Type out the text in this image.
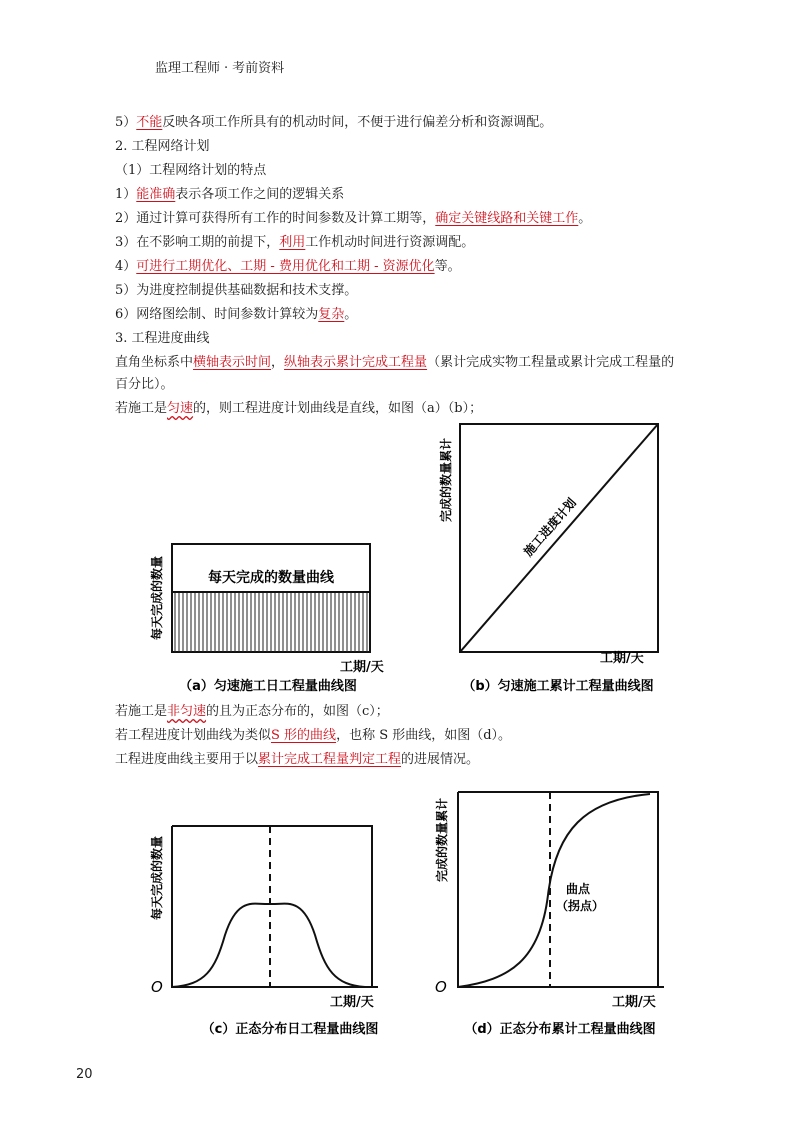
监理工程师 · 考前资料
5）不能反映各项工作所具有的机动时间，不便于进行偏差分析和资源调配。
2. 工程网络计划
（1）工程网络计划的特点
1）能准确表示各项工作之间的逻辑关系
2）通过计算可获得所有工作的时间参数及计算工期等，确定关键线路和关键工作。
3）在不影响工期的前提下，利用工作机动时间进行资源调配。
4）可进行工期优化、工期 - 费用优化和工期 - 资源优化等。
5）为进度控制提供基础数据和技术支撑。
6）网络图绘制、时间参数计算较为复杂。
3. 工程进度曲线
直角坐标系中横轴表示时间，纵轴表示累计完成工程量（累计完成实物工程量或累计完成工程量的
百分比）。
若施工是匀速的，则工程进度计划曲线是直线，如图（a）（b）；
每天完成的数量曲线
每天完成的数量
工期/天
（a）匀速施工日工程量曲线图
施工进度计划
完成的数量累计
工期/天
（b）匀速施工累计工程量曲线图
若施工是非匀速的且为正态分布的，如图（c）；
若工程进度计划曲线为类似S 形的曲线，也称 S 形曲线，如图（d）。
工程进度曲线主要用于以累计完成工程量判定工程的进展情况。
O
每天完成的数量
工期/天
（c）正态分布日工程量曲线图
O
曲点
（拐点）
完成的数量累计
工期/天
（d）正态分布累计工程量曲线图
20
